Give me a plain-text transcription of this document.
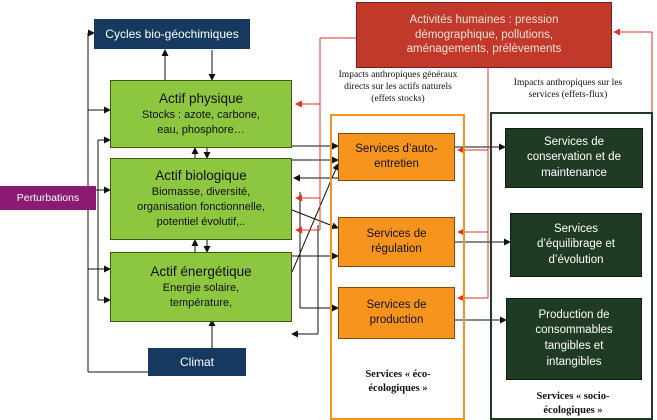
Cycles bio-géochimiques
Activités humaines : pression
démographique, pollutions,
aménagements, prélèvements
Impacts anthropiques généraux
directs sur les actifs naturels
(effets stocks)
Impacts anthropiques sur les
services (effets-flux)
Actif physique
Stocks : azote, carbone,
eau, phosphore…
Actif biologique
Biomasse, diversité,
organisation fonctionnelle,
potentiel évolutif,..
Actif énergétique
Energie solaire,
température,
Perturbations
Climat
Services d’auto-
entretien
Services de
régulation
Services de
production
Services « éco-
écologiques »
Services de
conservation et de
maintenance
Services
d’équilibrage et
d’évolution
Production de
consommables
tangibles et
intangibles
Services « socio-
écologiques »
